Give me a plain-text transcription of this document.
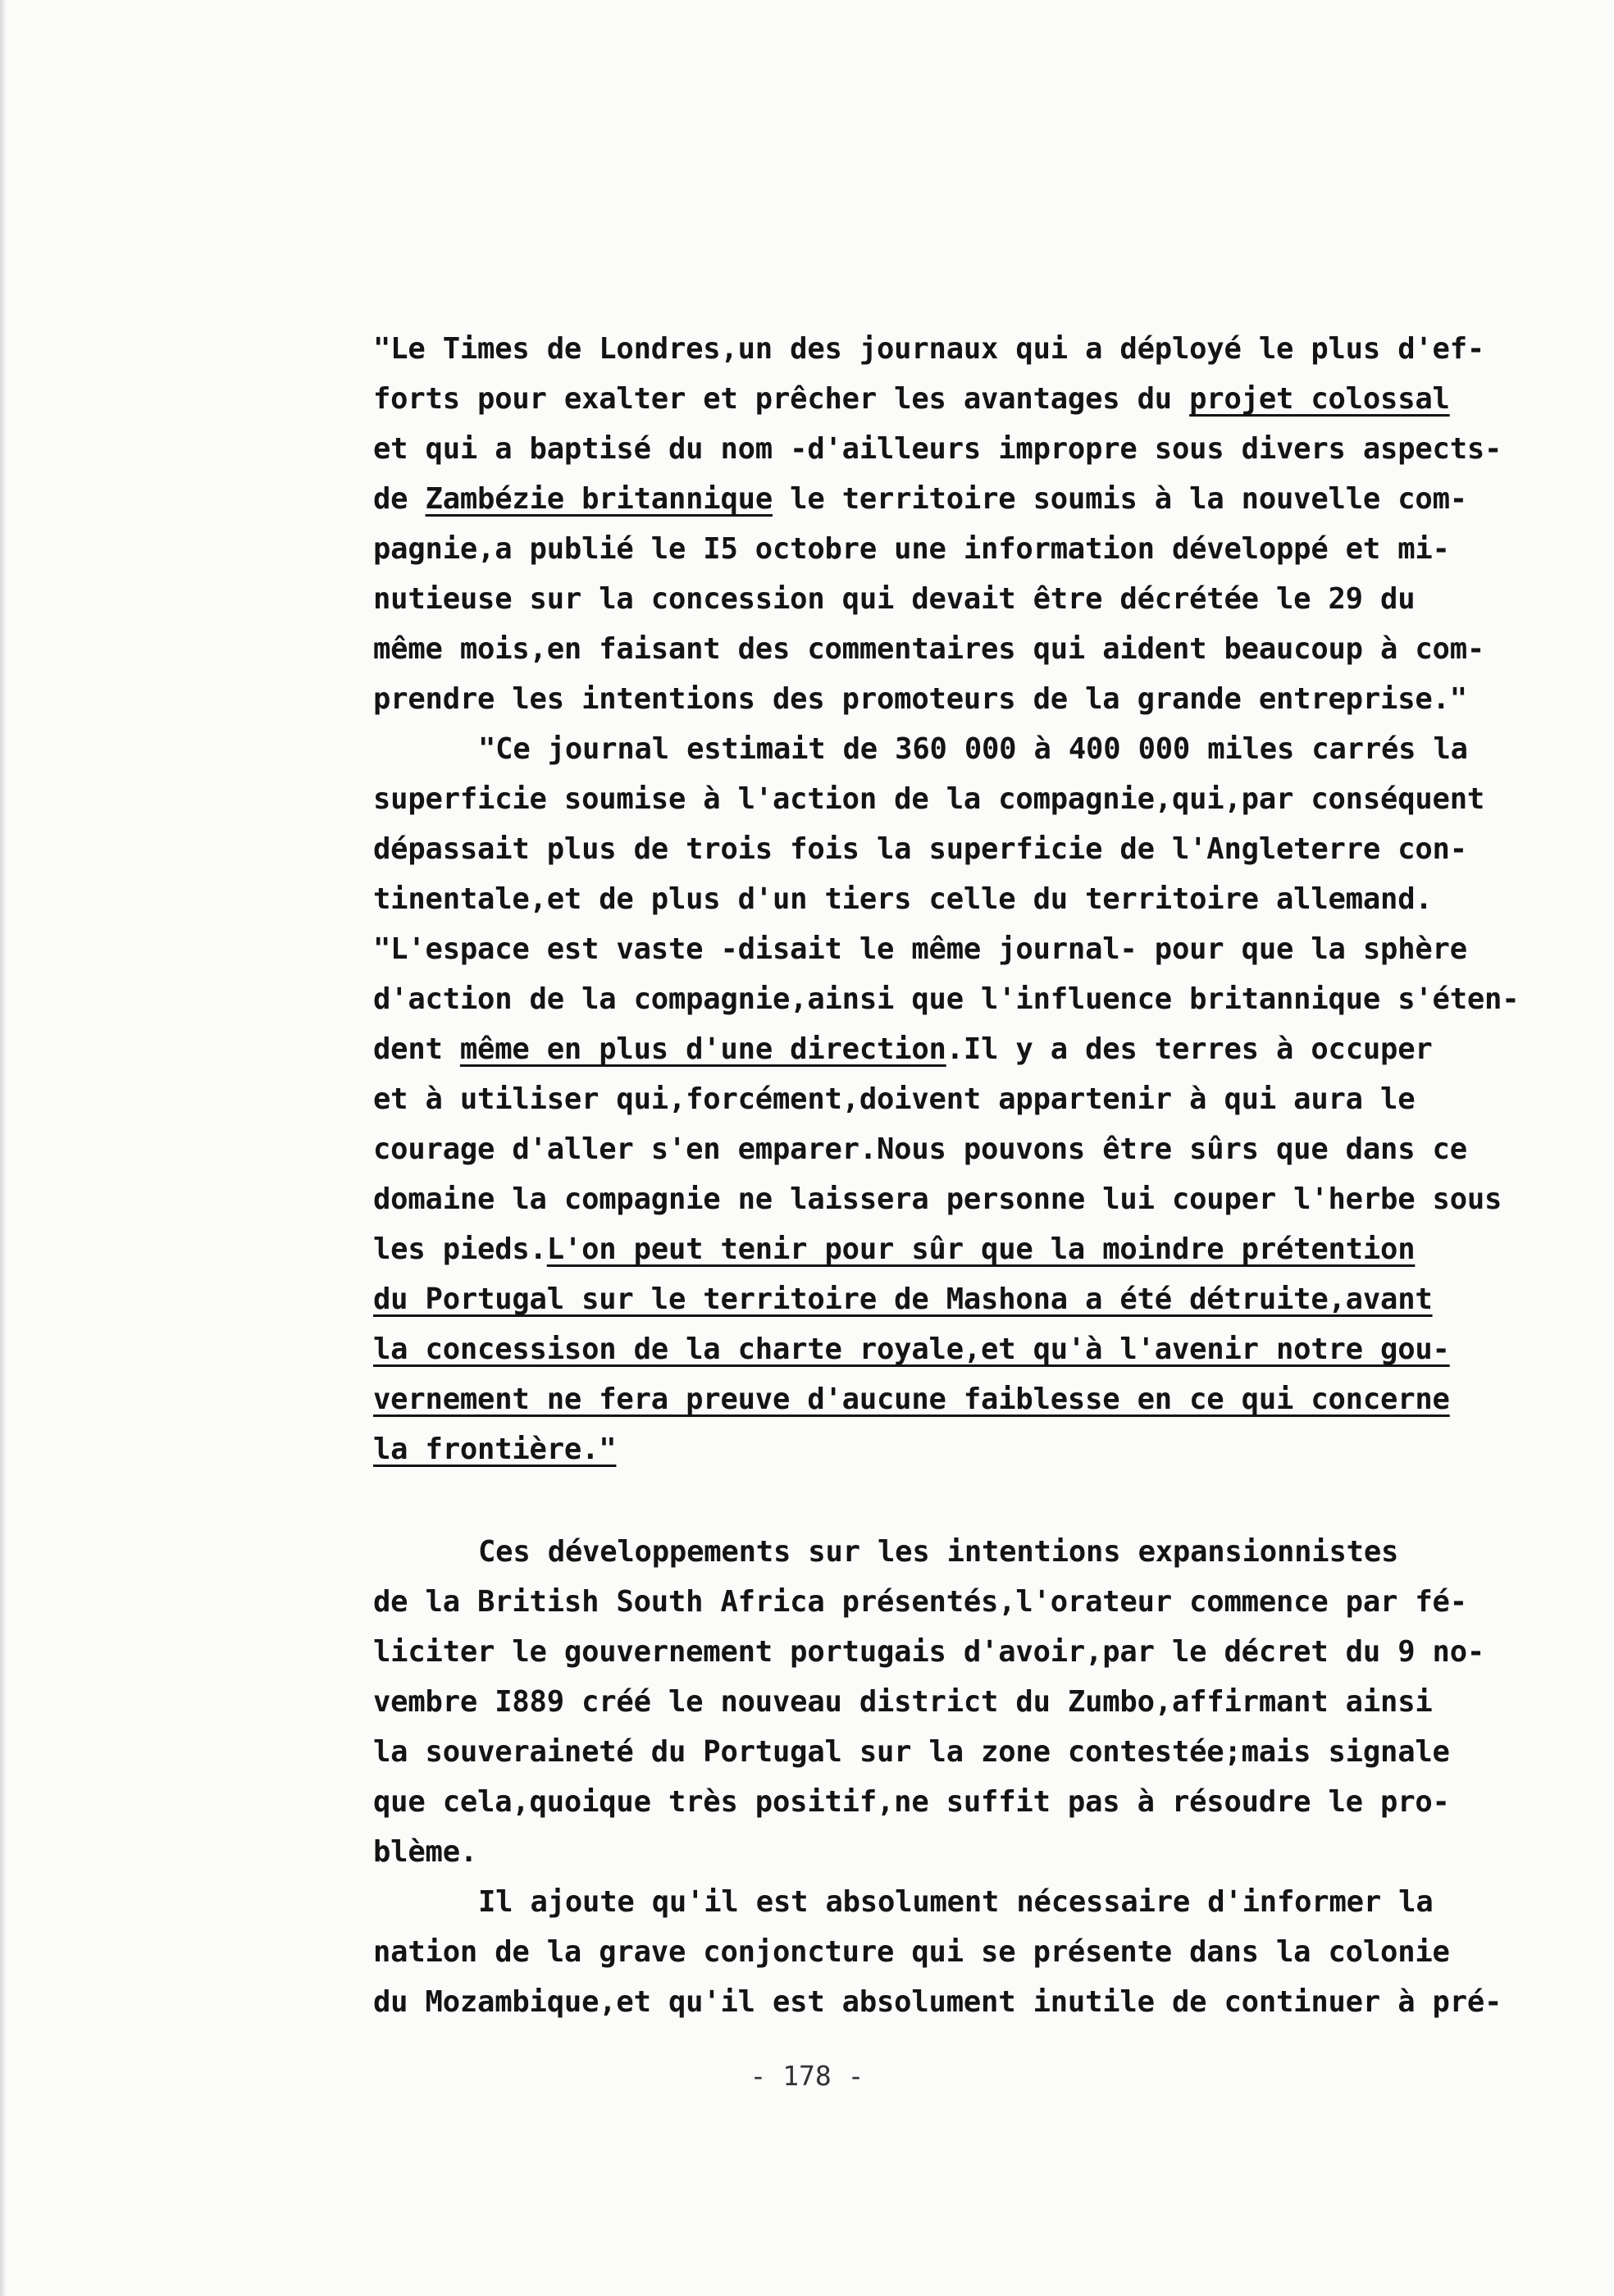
"Le Times de Londres,un des journaux qui a déployé le plus d'ef-
forts pour exalter et prêcher les avantages du projet colossal
et qui a baptisé du nom -d'ailleurs impropre sous divers aspects-
de Zambézie britannique le territoire soumis à la nouvelle com-
pagnie,a publié le I5 octobre une information développé et mi-
nutieuse sur la concession qui devait être décrétée le 29 du
même mois,en faisant des commentaires qui aident beaucoup à com-
prendre les intentions des promoteurs de la grande entreprise."
"Ce journal estimait de 360 000 à 400 000 miles carrés la
superficie soumise à l'action de la compagnie,qui,par conséquent
dépassait plus de trois fois la superficie de l'Angleterre con-
tinentale,et de plus d'un tiers celle du territoire allemand.
"L'espace est vaste -disait le même journal- pour que la sphère
d'action de la compagnie,ainsi que l'influence britannique s'éten-
dent même en plus d'une direction.Il y a des terres à occuper
et à utiliser qui,forcément,doivent appartenir à qui aura le
courage d'aller s'en emparer.Nous pouvons être sûrs que dans ce
domaine la compagnie ne laissera personne lui couper l'herbe sous
les pieds.L'on peut tenir pour sûr que la moindre prétention
du Portugal sur le territoire de Mashona a été détruite,avant
la concessison de la charte royale,et qu'à l'avenir notre gou-
vernement ne fera preuve d'aucune faiblesse en ce qui concerne
la frontière."
Ces développements sur les intentions expansionnistes
de la British South Africa présentés,l'orateur commence par fé-
liciter le gouvernement portugais d'avoir,par le décret du 9 no-
vembre I889 créé le nouveau district du Zumbo,affirmant ainsi
la souveraineté du Portugal sur la zone contestée;mais signale
que cela,quoique très positif,ne suffit pas à résoudre le pro-
blème.
Il ajoute qu'il est absolument nécessaire d'informer la
nation de la grave conjoncture qui se présente dans la colonie
du Mozambique,et qu'il est absolument inutile de continuer à pré-
- 178 -
